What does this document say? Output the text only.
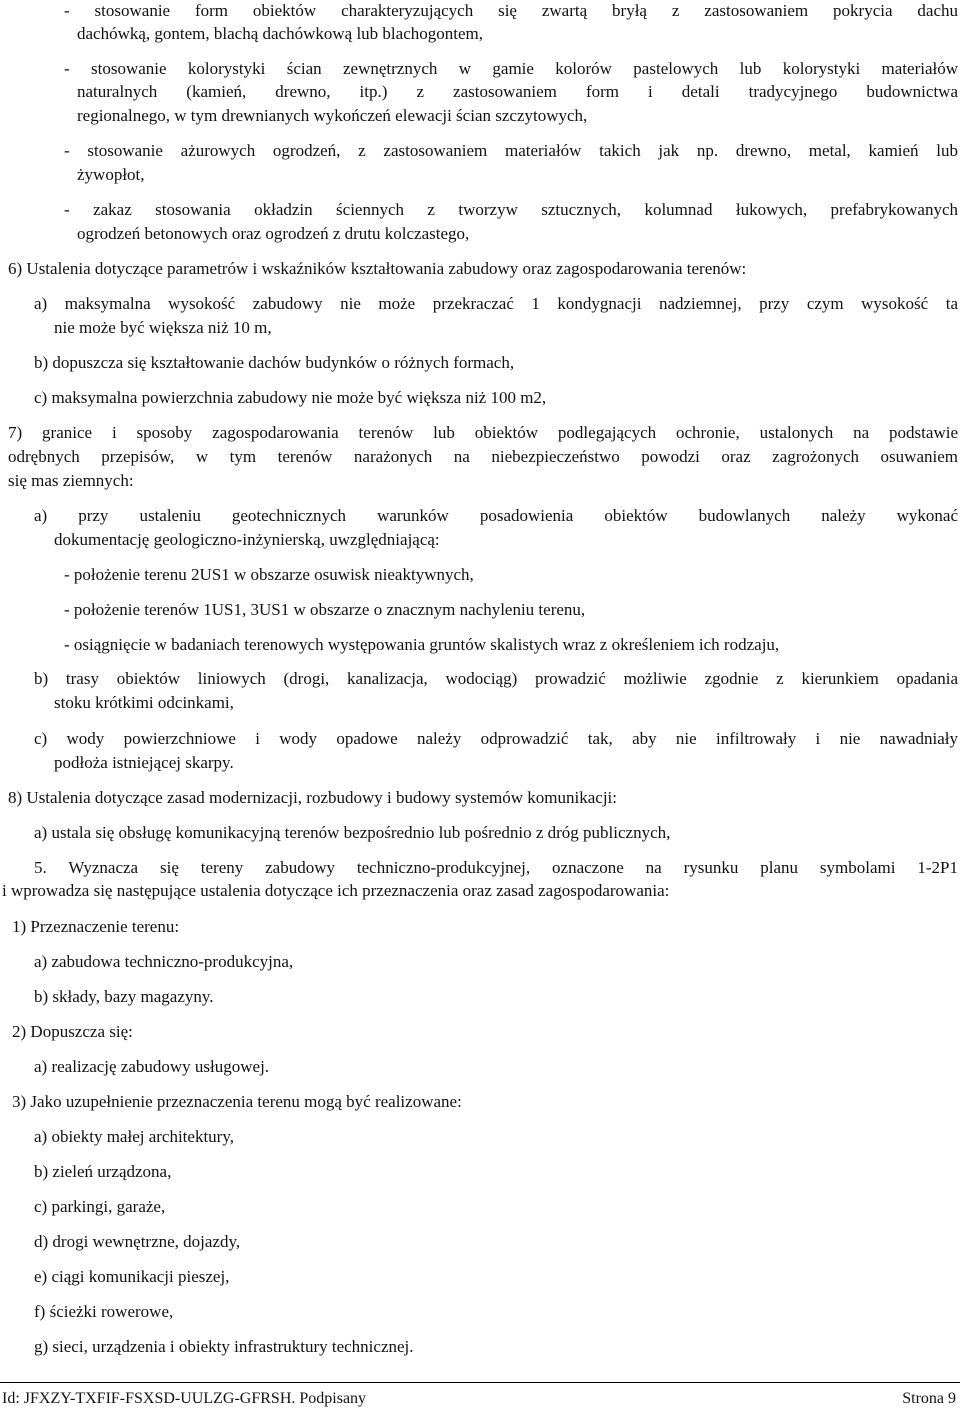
- stosowanie form obiektów charakteryzujących się zwartą bryłą z zastosowaniem pokrycia dachu
dachówką, gontem, blachą dachówkową lub blachogontem,
- stosowanie kolorystyki ścian zewnętrznych w gamie kolorów pastelowych lub kolorystyki materiałów
naturalnych (kamień, drewno, itp.) z zastosowaniem form i detali tradycyjnego budownictwa
regionalnego, w tym drewnianych wykończeń elewacji ścian szczytowych,
- stosowanie ażurowych ogrodzeń, z zastosowaniem materiałów takich jak np. drewno, metal, kamień lub
żywopłot,
- zakaz stosowania okładzin ściennych z tworzyw sztucznych, kolumnad łukowych, prefabrykowanych
ogrodzeń betonowych oraz ogrodzeń z drutu kolczastego,
6) Ustalenia dotyczące parametrów i wskaźników kształtowania zabudowy oraz zagospodarowania terenów:
a) maksymalna wysokość zabudowy nie może przekraczać 1 kondygnacji nadziemnej, przy czym wysokość ta
nie może być większa niż 10 m,
b) dopuszcza się kształtowanie dachów budynków o różnych formach,
c) maksymalna powierzchnia zabudowy nie może być większa niż 100 m2,
7) granice i sposoby zagospodarowania terenów lub obiektów podlegających ochronie, ustalonych na podstawie
odrębnych przepisów, w tym terenów narażonych na niebezpieczeństwo powodzi oraz zagrożonych osuwaniem
się mas ziemnych:
a) przy ustaleniu geotechnicznych warunków posadowienia obiektów budowlanych należy wykonać
dokumentację geologiczno-inżynierską, uwzględniającą:
- położenie terenu 2US1 w obszarze osuwisk nieaktywnych,
- położenie terenów 1US1, 3US1 w obszarze o znacznym nachyleniu terenu,
- osiągnięcie w badaniach terenowych występowania gruntów skalistych wraz z określeniem ich rodzaju,
b) trasy obiektów liniowych (drogi, kanalizacja, wodociąg) prowadzić możliwie zgodnie z kierunkiem opadania
stoku krótkimi odcinkami,
c) wody powierzchniowe i wody opadowe należy odprowadzić tak, aby nie infiltrowały i nie nawadniały
podłoża istniejącej skarpy.
8) Ustalenia dotyczące zasad modernizacji, rozbudowy i budowy systemów komunikacji:
a) ustala się obsługę komunikacyjną terenów bezpośrednio lub pośrednio z dróg publicznych,
5. Wyznacza się tereny zabudowy techniczno-produkcyjnej, oznaczone na rysunku planu symbolami 1-2P1
i wprowadza się następujące ustalenia dotyczące ich przeznaczenia oraz zasad zagospodarowania:
1) Przeznaczenie terenu:
a) zabudowa techniczno-produkcyjna,
b) składy, bazy magazyny.
2) Dopuszcza się:
a) realizację zabudowy usługowej.
3) Jako uzupełnienie przeznaczenia terenu mogą być realizowane:
a) obiekty małej architektury,
b) zieleń urządzona,
c) parkingi, garaże,
d) drogi wewnętrzne, dojazdy,
e) ciągi komunikacji pieszej,
f) ścieżki rowerowe,
g) sieci, urządzenia i obiekty infrastruktury technicznej.
Id: JFXZY-TXFIF-FSXSD-UULZG-GFRSH. Podpisany	Strona 9
